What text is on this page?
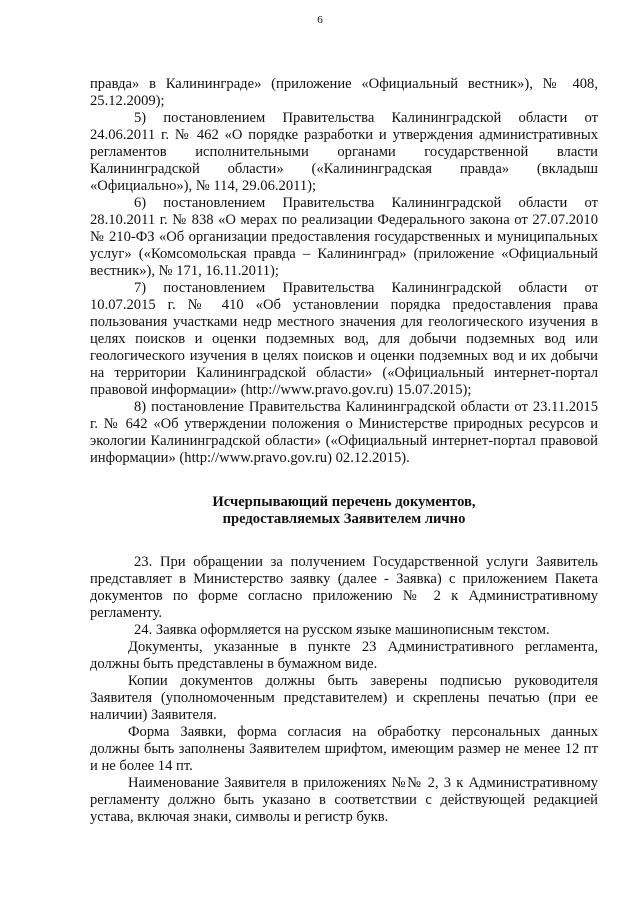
6

правда» в Калининграде» (приложение «Официальный вестник»), № 408, 25.12.2009);

5) постановлением Правительства Калининградской области от 24.06.2011 г. № 462 «О порядке разработки и утверждения административных регламентов исполнительными органами государственной власти Калининградской области» («Калининградская правда» (вкладыш «Официально»), № 114, 29.06.2011);

6) постановлением Правительства Калининградской области от 28.10.2011 г. № 838 «О мерах по реализации Федерального закона от 27.07.2010 № 210-ФЗ «Об организации предоставления государственных и муниципальных услуг» («Комсомольская правда – Калининград» (приложение «Официальный вестник»), № 171, 16.11.2011);

7) постановлением Правительства Калининградской области от 10.07.2015 г. № 410 «Об установлении порядка предоставления права пользования участками недр местного значения для геологического изучения в целях поисков и оценки подземных вод, для добычи подземных вод или геологического изучения в целях поисков и оценки подземных вод и их добычи на территории Калининградской области» («Официальный интернет-портал правовой информации» (http://www.pravo.gov.ru) 15.07.2015);

8) постановление Правительства Калининградской области от 23.11.2015 г. № 642 «Об утверждении положения о Министерстве природных ресурсов и экологии Калининградской области» («Официальный интернет-портал правовой информации» (http://www.pravo.gov.ru) 02.12.2015).

Исчерпывающий перечень документов,
предоставляемых Заявителем лично

23. При обращении за получением Государственной услуги Заявитель представляет в Министерство заявку (далее - Заявка) с приложением Пакета документов по форме согласно приложению № 2 к Административному регламенту.

24. Заявка оформляется на русском языке машинописным текстом.

Документы, указанные в пункте 23 Административного регламента, должны быть представлены в бумажном виде.

Копии документов должны быть заверены подписью руководителя Заявителя (уполномоченным представителем) и скреплены печатью (при ее наличии) Заявителя.

Форма Заявки, форма согласия на обработку персональных данных должны быть заполнены Заявителем шрифтом, имеющим размер не менее 12 пт и не более 14 пт.

Наименование Заявителя в приложениях №№ 2, 3 к Административному регламенту должно быть указано в соответствии с действующей редакцией устава, включая знаки, символы и регистр букв.
